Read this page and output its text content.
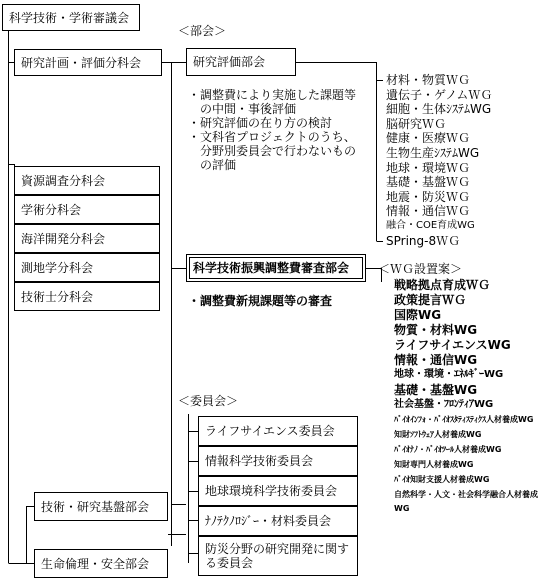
科学技術・学術審議会
＜部会＞
研究計画・評価分科会
資源調査分科会
学術分科会
海洋開発分科会
測地学分科会
技術士分科会
研究評価部会
・調整費により実施した課題等
の中間・事後評価
・研究評価の在り方の検討
・文科省プロジェクトのうち、
分野別委員会で行わないもの
の評価
材料・物質ＷＧ
遺伝子・ゲノムＷＧ
細胞・生体ｼｽﾃﾑWG
脳研究ＷＧ
健康・医療ＷＧ
生物生産ｼｽﾃﾑWG
地球・環境ＷＧ
基礎・基盤ＷＧ
地震・防災ＷＧ
情報・通信ＷＧ
融合・COE育成WG
SPring-8ＷＧ
科学技術振興調整費審査部会
・調整費新規課題等の審査
＜ＷＧ設置案＞
戦略拠点育成ＷＧ
政策提言ＷＧ
国際WG
物質・材料WG
ライフサイエンスWG
情報・通信WG
地球・環境・ｴﾈﾙｷﾞｰWG
基礎・基盤WG
社会基盤・ﾌﾛﾝﾃｨｱWG
ﾊﾞｲｵｲﾝﾌｫ・ﾊﾞｲｵｽﾀﾃｨｽﾃｨｸｽ人材養成WG
知財ｿﾌﾄｳｪｱ人材養成WG
ﾊﾞｲｵﾅﾉ・ﾊﾞｲｵﾂｰﾙ人材養成WG
知財専門人材養成WG
ﾊﾞｲｵ知財支援人材養成WG
自然科学・人文・社会科学融合人材養成
WG
＜委員会＞
ライフサイエンス委員会
情報科学技術委員会
地球環境科学技術委員会
ﾅﾉﾃｸﾉﾛｼﾞｰ・材料委員会
防災分野の研究開発に関す
る委員会
技術・研究基盤部会
生命倫理・安全部会
